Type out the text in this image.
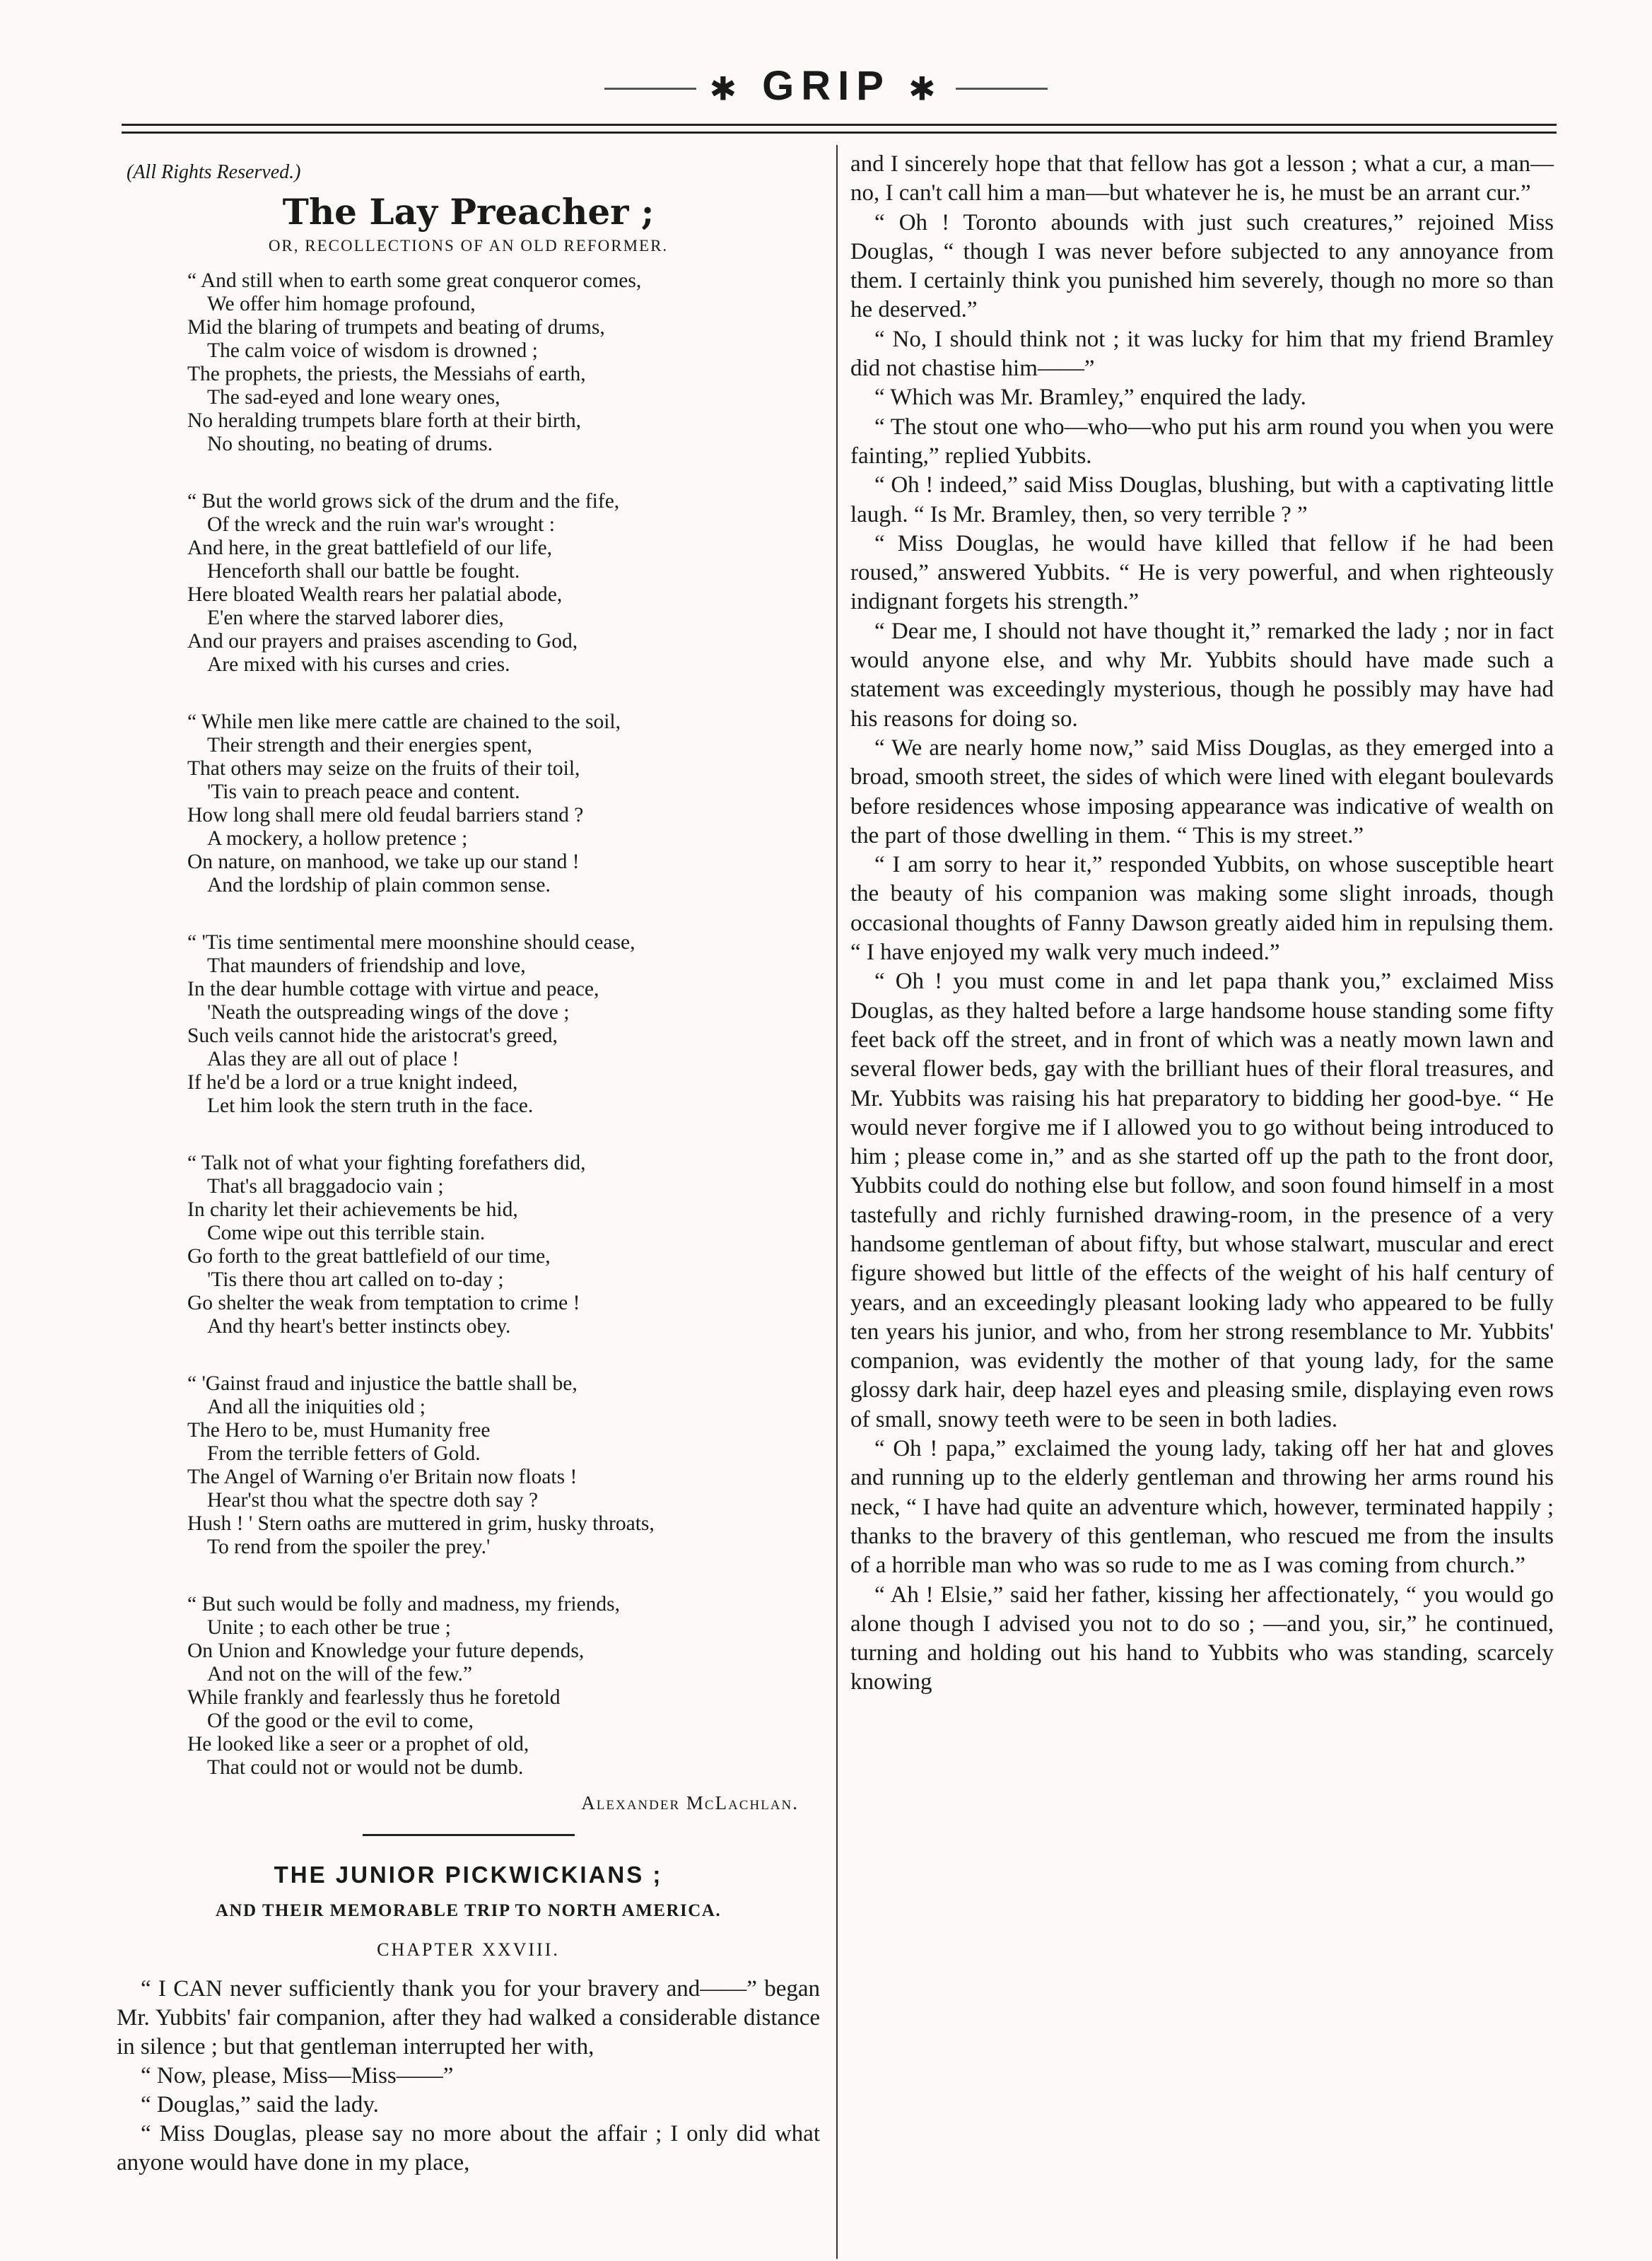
✱ GRIP ✱
(All Rights Reserved.)
The Lay Preacher ;
OR, RECOLLECTIONS OF AN OLD REFORMER.
“ And still when to earth some great conqueror comes,
We offer him homage profound,
Mid the blaring of trumpets and beating of drums,
The calm voice of wisdom is drowned ;
The prophets, the priests, the Messiahs of earth,
The sad-eyed and lone weary ones,
No heralding trumpets blare forth at their birth,
No shouting, no beating of drums.
“ But the world grows sick of the drum and the fife,
Of the wreck and the ruin war's wrought :
And here, in the great battlefield of our life,
Henceforth shall our battle be fought.
Here bloated Wealth rears her palatial abode,
E'en where the starved laborer dies,
And our prayers and praises ascending to God,
Are mixed with his curses and cries.
“ While men like mere cattle are chained to the soil,
Their strength and their energies spent,
That others may seize on the fruits of their toil,
'Tis vain to preach peace and content.
How long shall mere old feudal barriers stand ?
A mockery, a hollow pretence ;
On nature, on manhood, we take up our stand !
And the lordship of plain common sense.
“ 'Tis time sentimental mere moonshine should cease,
That maunders of friendship and love,
In the dear humble cottage with virtue and peace,
'Neath the outspreading wings of the dove ;
Such veils cannot hide the aristocrat's greed,
Alas they are all out of place !
If he'd be a lord or a true knight indeed,
Let him look the stern truth in the face.
“ Talk not of what your fighting forefathers did,
That's all braggadocio vain ;
In charity let their achievements be hid,
Come wipe out this terrible stain.
Go forth to the great battlefield of our time,
'Tis there thou art called on to-day ;
Go shelter the weak from temptation to crime !
And thy heart's better instincts obey.
“ 'Gainst fraud and injustice the battle shall be,
And all the iniquities old ;
The Hero to be, must Humanity free
From the terrible fetters of Gold.
The Angel of Warning o'er Britain now floats !
Hear'st thou what the spectre doth say ?
Hush ! ' Stern oaths are muttered in grim, husky throats,
To rend from the spoiler the prey.'
“ But such would be folly and madness, my friends,
Unite ; to each other be true ;
On Union and Knowledge your future depends,
And not on the will of the few.”
While frankly and fearlessly thus he foretold
Of the good or the evil to come,
He looked like a seer or a prophet of old,
That could not or would not be dumb.
Alexander McLachlan.
THE JUNIOR PICKWICKIANS ;
AND THEIR MEMORABLE TRIP TO NORTH AMERICA.
CHAPTER XXVIII.

“ I CAN never sufficiently thank you for your bravery and——” began Mr. Yubbits' fair companion, after they had walked a considerable distance in silence ; but that gentleman interrupted her with,

“ Now, please, Miss—Miss——”

“ Douglas,” said the lady.

“ Miss Douglas, please say no more about the affair ; I only did what anyone would have done in my place,

and I sincerely hope that that fellow has got a lesson ; what a cur, a man—no, I can't call him a man—but whatever he is, he must be an arrant cur.”

“ Oh ! Toronto abounds with just such creatures,” rejoined Miss Douglas, “ though I was never before subjected to any annoyance from them. I certainly think you punished him severely, though no more so than he deserved.”

“ No, I should think not ; it was lucky for him that my friend Bramley did not chastise him——”

“ Which was Mr. Bramley,” enquired the lady.

“ The stout one who—who—who put his arm round you when you were fainting,” replied Yubbits.

“ Oh ! indeed,” said Miss Douglas, blushing, but with a captivating little laugh. “ Is Mr. Bramley, then, so very terrible ? ”

“ Miss Douglas, he would have killed that fellow if he had been roused,” answered Yubbits. “ He is very powerful, and when righteously indignant forgets his strength.”

“ Dear me, I should not have thought it,” remarked the lady ; nor in fact would anyone else, and why Mr. Yubbits should have made such a statement was exceedingly mysterious, though he possibly may have had his reasons for doing so.

“ We are nearly home now,” said Miss Douglas, as they emerged into a broad, smooth street, the sides of which were lined with elegant boulevards before residences whose imposing appearance was indicative of wealth on the part of those dwelling in them. “ This is my street.”

“ I am sorry to hear it,” responded Yubbits, on whose susceptible heart the beauty of his companion was making some slight inroads, though occasional thoughts of Fanny Dawson greatly aided him in repulsing them. “ I have enjoyed my walk very much indeed.”

“ Oh ! you must come in and let papa thank you,” exclaimed Miss Douglas, as they halted before a large handsome house standing some fifty feet back off the street, and in front of which was a neatly mown lawn and several flower beds, gay with the brilliant hues of their floral treasures, and Mr. Yubbits was raising his hat preparatory to bidding her good-bye. “ He would never forgive me if I allowed you to go without being introduced to him ; please come in,” and as she started off up the path to the front door, Yubbits could do nothing else but follow, and soon found himself in a most tastefully and richly furnished drawing-room, in the presence of a very handsome gentleman of about fifty, but whose stalwart, muscular and erect figure showed but little of the effects of the weight of his half century of years, and an exceedingly pleasant looking lady who appeared to be fully ten years his junior, and who, from her strong resemblance to Mr. Yubbits' companion, was evidently the mother of that young lady, for the same glossy dark hair, deep hazel eyes and pleasing smile, displaying even rows of small, snowy teeth were to be seen in both ladies.

“ Oh ! papa,” exclaimed the young lady, taking off her hat and gloves and running up to the elderly gentleman and throwing her arms round his neck, “ I have had quite an adventure which, however, terminated happily ; thanks to the bravery of this gentleman, who rescued me from the insults of a horrible man who was so rude to me as I was coming from church.”

“ Ah ! Elsie,” said her father, kissing her affectionately, “ you would go alone though I advised you not to do so ; —and you, sir,” he continued, turning and holding out his hand to Yubbits who was standing, scarcely knowing
